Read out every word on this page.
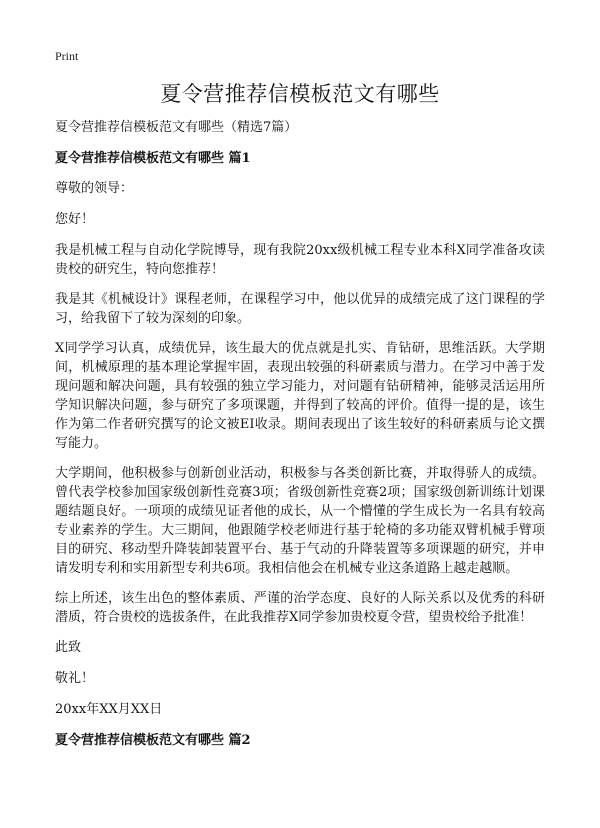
Print
夏令营推荐信模板范文有哪些

夏令营推荐信模板范文有哪些（精选7篇）

夏令营推荐信模板范文有哪些 篇1

尊敬的领导：

您好！

我是机械工程与自动化学院博导，现有我院20xx级机械工程专业本科X同学准备攻读贵校的研究生，特向您推荐！

我是其《机械设计》课程老师，在课程学习中，他以优异的成绩完成了这门课程的学习，给我留下了较为深刻的印象。

X同学学习认真，成绩优异，该生最大的优点就是扎实、肯钻研，思维活跃。大学期间，机械原理的基本理论掌握牢固，表现出较强的科研素质与潜力。在学习中善于发现问题和解决问题，具有较强的独立学习能力，对问题有钻研精神，能够灵活运用所学知识解决问题，参与研究了多项课题，并得到了较高的评价。值得一提的是，该生作为第二作者研究撰写的论文被EI收录。期间表现出了该生较好的科研素质与论文撰写能力。

大学期间，他积极参与创新创业活动，积极参与各类创新比赛，并取得骄人的成绩。曾代表学校参加国家级创新性竞赛3项；省级创新性竞赛2项；国家级创新训练计划课题结题良好。一项项的成绩见证者他的成长，从一个懵懂的学生成长为一名具有较高专业素养的学生。大三期间，他跟随学校老师进行基于轮椅的多功能双臂机械手臂项目的研究、移动型升降装卸装置平台、基于气动的升降装置等多项课题的研究，并申请发明专利和实用新型专利共6项。我相信他会在机械专业这条道路上越走越顺。

综上所述，该生出色的整体素质、严谨的治学态度、良好的人际关系以及优秀的科研潜质，符合贵校的选拔条件，在此我推荐X同学参加贵校夏令营，望贵校给予批准！

此致

敬礼！

20xx年XX月XX日

夏令营推荐信模板范文有哪些 篇2
